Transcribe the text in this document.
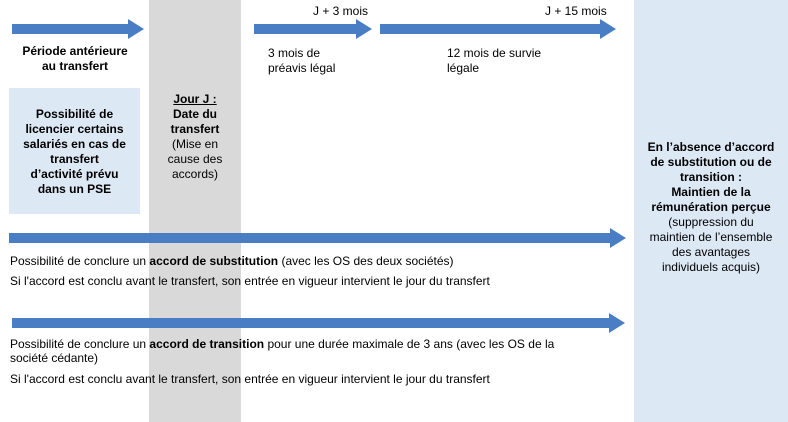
J + 3 mois	J + 15 mois
Période antérieure
au transfert
Possibilité de
licencier certains
salariés en cas de
transfert
d’activité prévu
dans un PSE
Jour J :
Date du
transfert
(Mise en
cause des
accords)
3 mois de
préavis légal
12 mois de survie
légale
En l’absence d’accord
de substitution ou de
transition :
Maintien de la
rémunération perçue
(suppression du
maintien de l’ensemble
des avantages
individuels acquis)
Possibilité de conclure un accord de substitution (avec les OS des deux sociétés)
Si l'accord est conclu avant le transfert, son entrée en vigueur intervient le jour du transfert
Possibilité de conclure un accord de transition pour une durée maximale de 3 ans (avec les OS de la
société cédante)
Si l'accord est conclu avant le transfert, son entrée en vigueur intervient le jour du transfert
